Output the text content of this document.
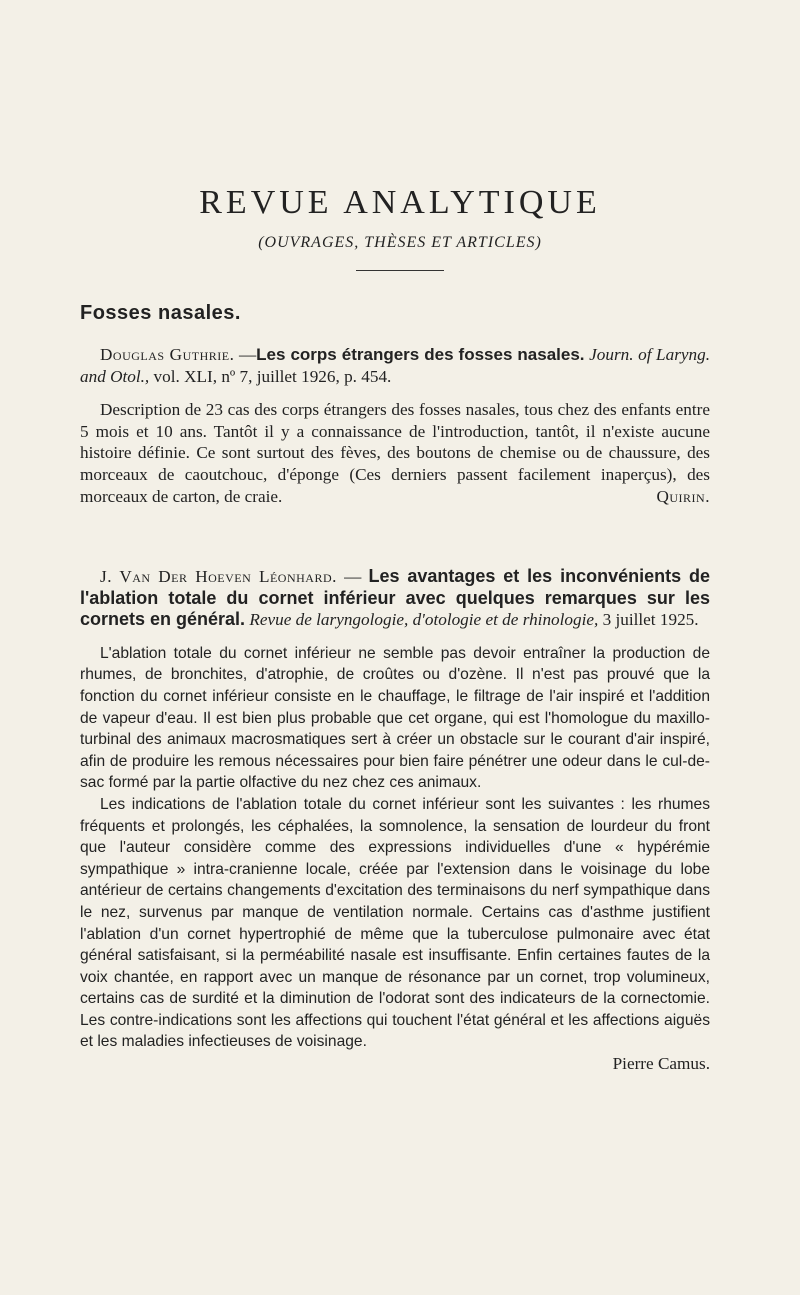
REVUE ANALYTIQUE
(OUVRAGES, THÈSES ET ARTICLES)
Fosses nasales.

Douglas Guthrie. —Les corps étrangers des fosses nasales. Journ. of Laryng. and Otol., vol. XLI, nº 7, juillet 1926, p. 454.

Description de 23 cas des corps étrangers des fosses nasales, tous chez des enfants entre 5 mois et 10 ans. Tantôt il y a connaissance de l'introduction, tantôt, il n'existe aucune histoire définie. Ce sont surtout des fèves, des boutons de chemise ou de chaussure, des morceaux de caoutchouc, d'éponge (Ces derniers passent facilement inaperçus), des morceaux de carton, de craie.	Quirin.

J. Van Der Hoeven Léonhard. — Les avantages et les inconvénients de l'ablation totale du cornet inférieur avec quelques remarques sur les cornets en général. Revue de laryngologie, d'otologie et de rhinologie, 3 juillet 1925.

L'ablation totale du cornet inférieur ne semble pas devoir entraîner la production de rhumes, de bronchites, d'atrophie, de croûtes ou d'ozène. Il n'est pas prouvé que la fonction du cornet inférieur consiste en le chauffage, le filtrage de l'air inspiré et l'addition de vapeur d'eau. Il est bien plus probable que cet organe, qui est l'homologue du maxillo-turbinal des animaux macrosmatiques sert à créer un obstacle sur le courant d'air inspiré, afin de produire les remous nécessaires pour bien faire pénétrer une odeur dans le cul-de-sac formé par la partie olfactive du nez chez ces animaux.

Les indications de l'ablation totale du cornet inférieur sont les suivantes : les rhumes fréquents et prolongés, les céphalées, la somnolence, la sensation de lourdeur du front que l'auteur considère comme des expressions individuelles d'une « hypérémie sympathique » intra-cranienne locale, créée par l'extension dans le voisinage du lobe antérieur de certains changements d'excitation des terminaisons du nerf sympathique dans le nez, survenus par manque de ventilation normale. Certains cas d'asthme justifient l'ablation d'un cornet hypertrophié de même que la tuberculose pulmonaire avec état général satisfaisant, si la perméabilité nasale est insuffisante. Enfin certaines fautes de la voix chantée, en rapport avec un manque de résonance par un cornet, trop volumineux, certains cas de surdité et la diminution de l'odorat sont des indicateurs de la cornectomie. Les contre-indications sont les affections qui touchent l'état général et les affections aiguës et les maladies infectieuses de voisinage.

Pierre Camus.
